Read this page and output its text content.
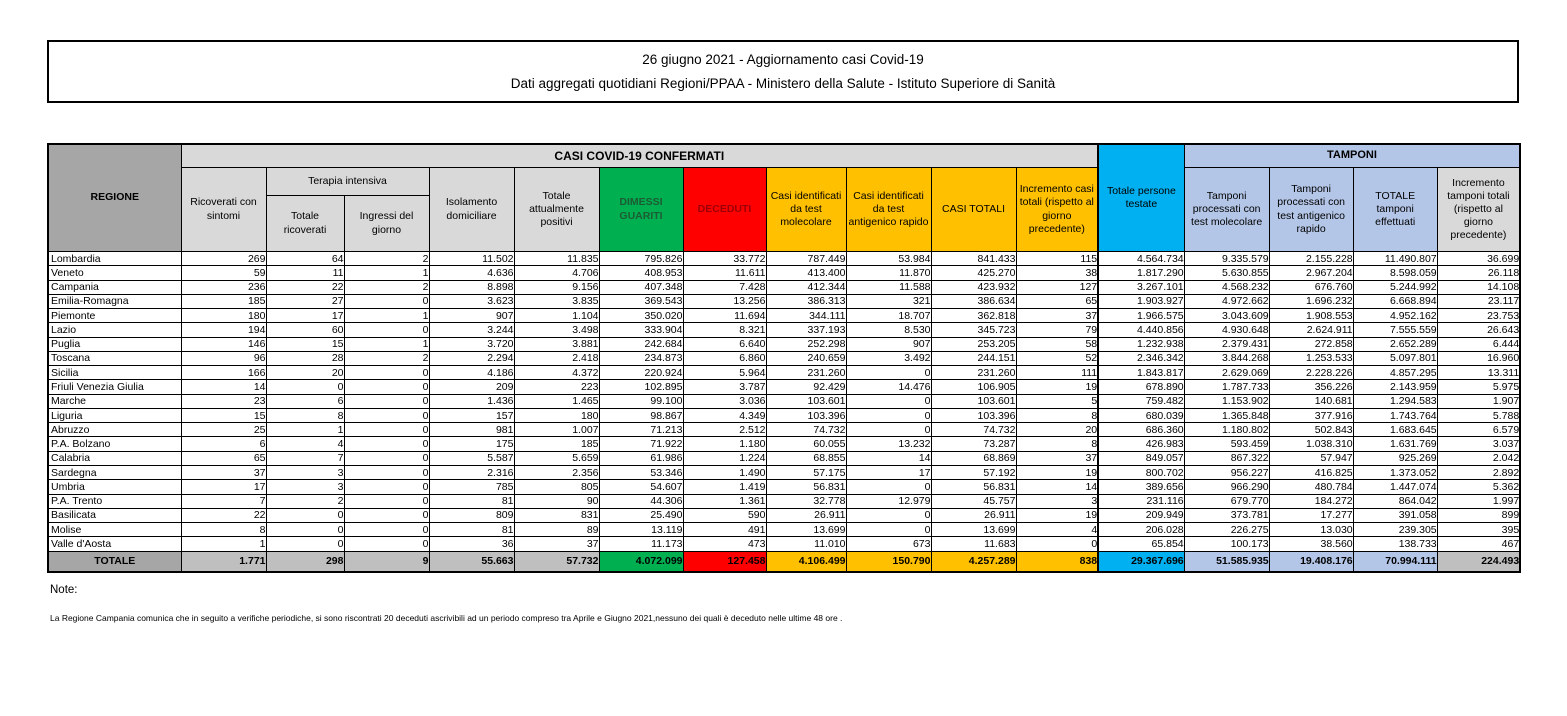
26 giugno 2021 - Aggiornamento casi Covid-19
Dati aggregati quotidiani Regioni/PPAA - Ministero della Salute - Istituto Superiore di Sanità
REGIONE	CASI COVID-19 CONFERMATI											Totale persone testate	TAMPONI			
	Ricoverati con sintomi	Terapia intensiva		Isolamento domiciliare	Totale attualmente positivi	DIMESSI GUARITI	DECEDUTI	Casi identificati da test molecolare	Casi identificati da test antigenico rapido	CASI TOTALI	Incremento casi totali (rispetto al giorno precedente)		Tamponi processati con test molecolare	Tamponi processati con test antigenico rapido	TOTALE tamponi effettuati	Incremento tamponi totali (rispetto al giorno precedente)
		Totale ricoverati	Ingressi del giorno													
Lombardia	269	64	2	11.502	11.835	795.826	33.772	787.449	53.984	841.433	115	4.564.734	9.335.579	2.155.228	11.490.807	36.699
Veneto	59	11	1	4.636	4.706	408.953	11.611	413.400	11.870	425.270	38	1.817.290	5.630.855	2.967.204	8.598.059	26.118
Campania	236	22	2	8.898	9.156	407.348	7.428	412.344	11.588	423.932	127	3.267.101	4.568.232	676.760	5.244.992	14.108
Emilia-Romagna	185	27	0	3.623	3.835	369.543	13.256	386.313	321	386.634	65	1.903.927	4.972.662	1.696.232	6.668.894	23.117
Piemonte	180	17	1	907	1.104	350.020	11.694	344.111	18.707	362.818	37	1.966.575	3.043.609	1.908.553	4.952.162	23.753
Lazio	194	60	0	3.244	3.498	333.904	8.321	337.193	8.530	345.723	79	4.440.856	4.930.648	2.624.911	7.555.559	26.643
Puglia	146	15	1	3.720	3.881	242.684	6.640	252.298	907	253.205	58	1.232.938	2.379.431	272.858	2.652.289	6.444
Toscana	96	28	2	2.294	2.418	234.873	6.860	240.659	3.492	244.151	52	2.346.342	3.844.268	1.253.533	5.097.801	16.960
Sicilia	166	20	0	4.186	4.372	220.924	5.964	231.260	0	231.260	111	1.843.817	2.629.069	2.228.226	4.857.295	13.311
Friuli Venezia Giulia	14	0	0	209	223	102.895	3.787	92.429	14.476	106.905	19	678.890	1.787.733	356.226	2.143.959	5.975
Marche	23	6	0	1.436	1.465	99.100	3.036	103.601	0	103.601	5	759.482	1.153.902	140.681	1.294.583	1.907
Liguria	15	8	0	157	180	98.867	4.349	103.396	0	103.396	8	680.039	1.365.848	377.916	1.743.764	5.788
Abruzzo	25	1	0	981	1.007	71.213	2.512	74.732	0	74.732	20	686.360	1.180.802	502.843	1.683.645	6.579
P.A. Bolzano	6	4	0	175	185	71.922	1.180	60.055	13.232	73.287	8	426.983	593.459	1.038.310	1.631.769	3.037
Calabria	65	7	0	5.587	5.659	61.986	1.224	68.855	14	68.869	37	849.057	867.322	57.947	925.269	2.042
Sardegna	37	3	0	2.316	2.356	53.346	1.490	57.175	17	57.192	19	800.702	956.227	416.825	1.373.052	2.892
Umbria	17	3	0	785	805	54.607	1.419	56.831	0	56.831	14	389.656	966.290	480.784	1.447.074	5.362
P.A. Trento	7	2	0	81	90	44.306	1.361	32.778	12.979	45.757	3	231.116	679.770	184.272	864.042	1.997
Basilicata	22	0	0	809	831	25.490	590	26.911	0	26.911	19	209.949	373.781	17.277	391.058	899
Molise	8	0	0	81	89	13.119	491	13.699	0	13.699	4	206.028	226.275	13.030	239.305	395
Valle d'Aosta	1	0	0	36	37	11.173	473	11.010	673	11.683	0	65.854	100.173	38.560	138.733	467
TOTALE	1.771	298	9	55.663	57.732	4.072.099	127.458	4.106.499	150.790	4.257.289	838	29.367.696	51.585.935	19.408.176	70.994.111	224.493
Note:
La Regione Campania comunica che in seguito a verifiche periodiche, si sono riscontrati 20 deceduti ascrivibili ad un periodo compreso tra Aprile e Giugno 2021,nessuno dei quali è deceduto nelle ultime 48 ore .
